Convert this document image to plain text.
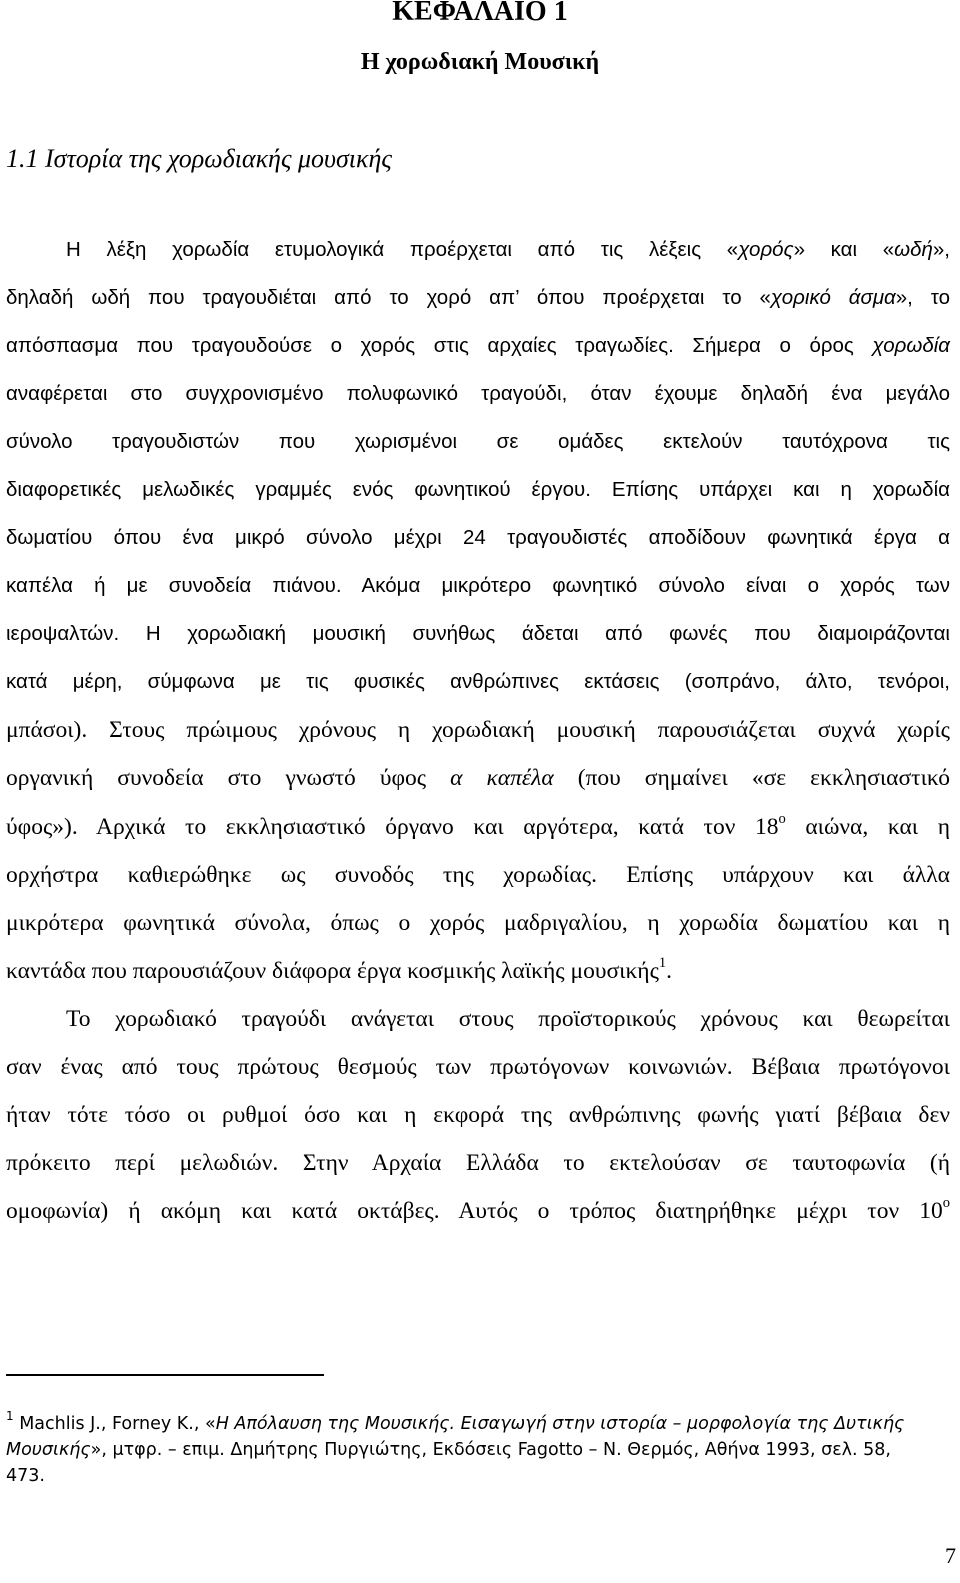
ΚΕΦΑΛΑΙΟ 1
Η χορωδιακή Μουσική
1.1 Ιστορία της χορωδιακής μουσικής
Η λέξη χορωδία ετυμολογικά προέρχεται από τις λέξεις «χορός» και «ωδή»,
δηλαδή ωδή που τραγουδιέται από το χορό απ’ όπου προέρχεται το «χορικό άσμα», το
απόσπασμα που τραγουδούσε ο χορός στις αρχαίες τραγωδίες. Σήμερα ο όρος χορωδία
αναφέρεται στο συγχρονισμένο πολυφωνικό τραγούδι, όταν έχουμε δηλαδή ένα μεγάλο
σύνολο τραγουδιστών που χωρισμένοι σε ομάδες εκτελούν ταυτόχρονα τις
διαφορετικές μελωδικές γραμμές ενός φωνητικού έργου. Επίσης υπάρχει και η χορωδία
δωματίου όπου ένα μικρό σύνολο μέχρι 24 τραγουδιστές αποδίδουν φωνητικά έργα α
καπέλα ή με συνοδεία πιάνου. Ακόμα μικρότερο φωνητικό σύνολο είναι ο χορός των
ιεροψαλτών. Η χορωδιακή μουσική συνήθως άδεται από φωνές που διαμοιράζονται
κατά μέρη, σύμφωνα με τις φυσικές ανθρώπινες εκτάσεις (σοπράνο, άλτο, τενόροι,
μπάσοι). Στους πρώιμους χρόνους η χορωδιακή μουσική παρουσιάζεται συχνά χωρίς
οργανική συνοδεία στο γνωστό ύφος α καπέλα (που σημαίνει «σε εκκλησιαστικό
ύφος»). Αρχικά το εκκλησιαστικό όργανο και αργότερα, κατά τον $18^o$ αιώνα, και η
ορχήστρα καθιερώθηκε ως συνοδός της χορωδίας. Επίσης υπάρχουν και άλλα
μικρότερα φωνητικά σύνολα, όπως ο χορός μαδριγαλίου, η χορωδία δωματίου και η
καντάδα που παρουσιάζουν διάφορα έργα κοσμικής λαϊκής μουσικής$^1$.
Το χορωδιακό τραγούδι ανάγεται στους προϊστορικούς χρόνους και θεωρείται
σαν ένας από τους πρώτους θεσμούς των πρωτόγονων κοινωνιών. Βέβαια πρωτόγονοι
ήταν τότε τόσο οι ρυθμοί όσο και η εκφορά της ανθρώπινης φωνής γιατί βέβαια δεν
πρόκειτο περί μελωδιών. Στην Αρχαία Ελλάδα το εκτελούσαν σε ταυτοφωνία (ή
ομοφωνία) ή ακόμη και κατά οκτάβες. Αυτός ο τρόπος διατηρήθηκε μέχρι τον $10^o$
$^1$ Machlis J., Forney K., «Η Απόλαυση της Μουσικής. Εισαγωγή στην ιστορία – μορφολογία της Δυτικής
Μουσικής», μτφρ. – επιμ. Δημήτρης Πυργιώτης, Εκδόσεις Fagotto – Ν. Θερμός, Αθήνα 1993, σελ. 58,
473.
7
